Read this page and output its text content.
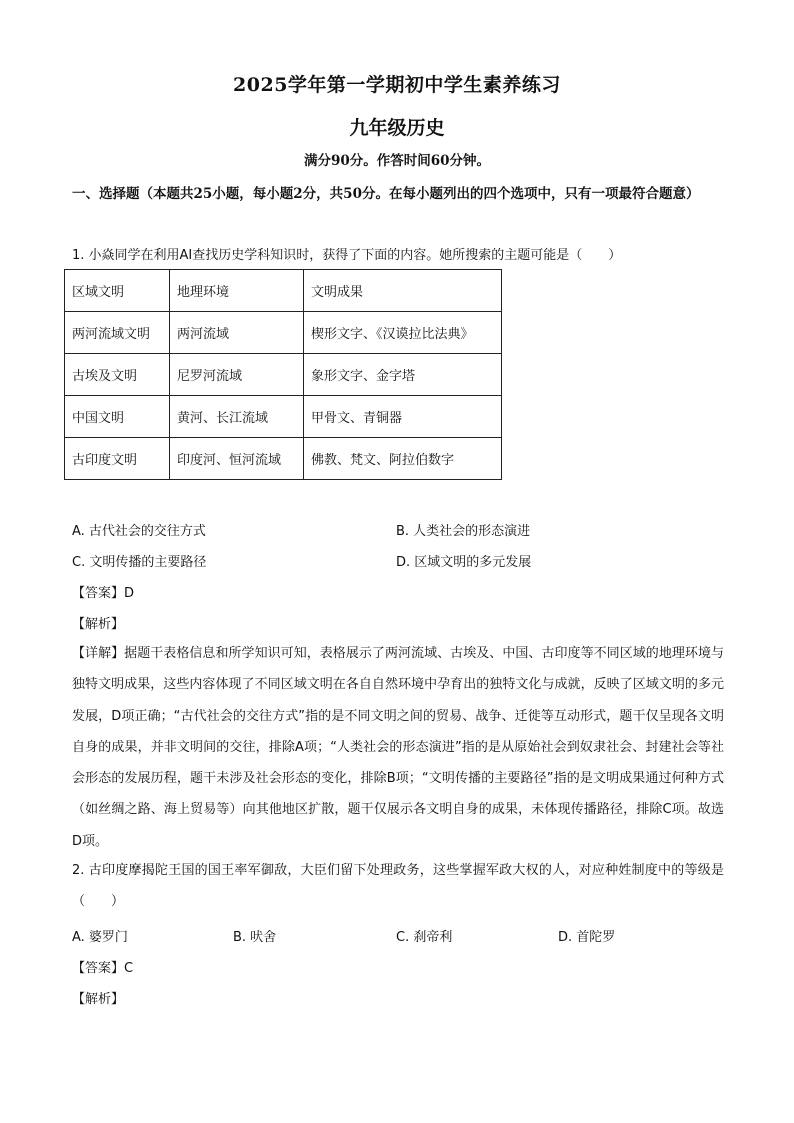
2025学年第一学期初中学生素养练习
九年级历史
满分90分。作答时间60分钟。
一、选择题（本题共25小题，每小题2分，共50分。在每小题列出的四个选项中，只有一项最符合题意）
1. 小焱同学在利用AI查找历史学科知识时，获得了下面的内容。她所搜索的主题可能是（　　）
区域文明	地理环境	文明成果
两河流域文明	两河流域	楔形文字、《汉谟拉比法典》
古埃及文明	尼罗河流域	象形文字、金字塔
中国文明	黄河、长江流域	甲骨文、青铜器
古印度文明	印度河、恒河流域	佛教、梵文、阿拉伯数字
A. 古代社会的交往方式	B. 人类社会的形态演进
C. 文明传播的主要路径	D. 区域文明的多元发展
【答案】D
【解析】
【详解】据题干表格信息和所学知识可知，表格展示了两河流域、古埃及、中国、古印度等不同区域的地理环境与独特文明成果，这些内容体现了不同区域文明在各自自然环境中孕育出的独特文化与成就，反映了区域文明的多元发展，D项正确；“古代社会的交往方式”指的是不同文明之间的贸易、战争、迁徙等互动形式，题干仅呈现各文明自身的成果，并非文明间的交往，排除A项；“人类社会的形态演进”指的是从原始社会到奴隶社会、封建社会等社会形态的发展历程，题干未涉及社会形态的变化，排除B项；“文明传播的主要路径”指的是文明成果通过何种方式（如丝绸之路、海上贸易等）向其他地区扩散，题干仅展示各文明自身的成果，未体现传播路径，排除C项。故选D项。
2. 古印度摩揭陀王国的国王率军御敌，大臣们留下处理政务，这些掌握军政大权的人，对应种姓制度中的等级是（　　）
A. 婆罗门	B. 吠舍	C. 刹帝利	D. 首陀罗
【答案】C
【解析】
